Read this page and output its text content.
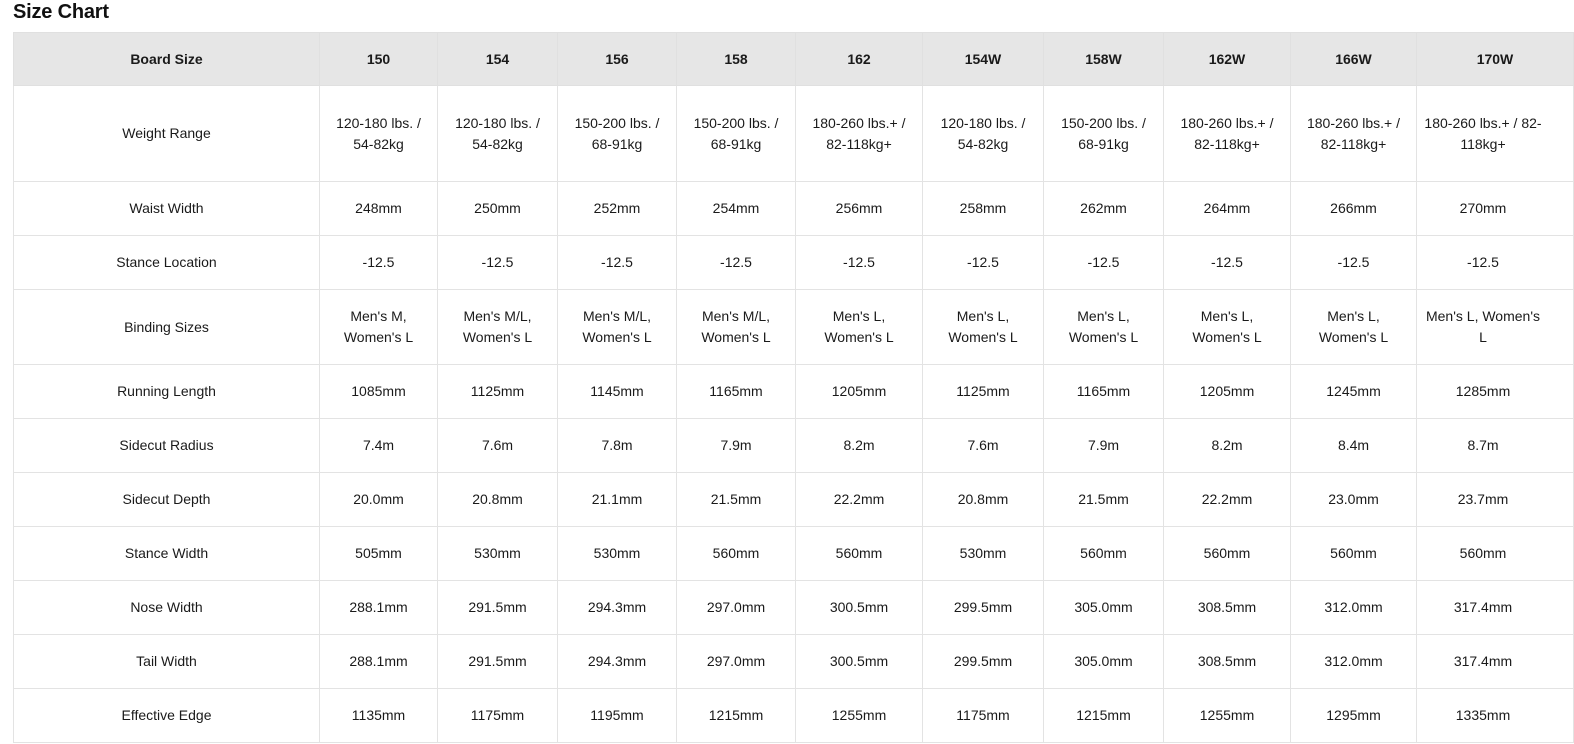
Size Chart
Board Size	150	154	156	158	162	154W	158W	162W	166W	170W
Weight Range	120-180 lbs. / 54-82kg	120-180 lbs. / 54-82kg	150-200 lbs. / 68-91kg	150-200 lbs. / 68-91kg	180-260 lbs.+ / 82-118kg+	120-180 lbs. / 54-82kg	150-200 lbs. / 68-91kg	180-260 lbs.+ / 82-118kg+	180-260 lbs.+ / 82-118kg+	180-260 lbs.+ / 82-118kg+
Waist Width	248mm	250mm	252mm	254mm	256mm	258mm	262mm	264mm	266mm	270mm
Stance Location	-12.5	-12.5	-12.5	-12.5	-12.5	-12.5	-12.5	-12.5	-12.5	-12.5
Binding Sizes	Men's M, Women's L	Men's M/L, Women's L	Men's M/L, Women's L	Men's M/L, Women's L	Men's L, Women's L	Men's L, Women's L	Men's L, Women's L	Men's L, Women's L	Men's L, Women's L	Men's L, Women's L
Running Length	1085mm	1125mm	1145mm	1165mm	1205mm	1125mm	1165mm	1205mm	1245mm	1285mm
Sidecut Radius	7.4m	7.6m	7.8m	7.9m	8.2m	7.6m	7.9m	8.2m	8.4m	8.7m
Sidecut Depth	20.0mm	20.8mm	21.1mm	21.5mm	22.2mm	20.8mm	21.5mm	22.2mm	23.0mm	23.7mm
Stance Width	505mm	530mm	530mm	560mm	560mm	530mm	560mm	560mm	560mm	560mm
Nose Width	288.1mm	291.5mm	294.3mm	297.0mm	300.5mm	299.5mm	305.0mm	308.5mm	312.0mm	317.4mm
Tail Width	288.1mm	291.5mm	294.3mm	297.0mm	300.5mm	299.5mm	305.0mm	308.5mm	312.0mm	317.4mm
Effective Edge	1135mm	1175mm	1195mm	1215mm	1255mm	1175mm	1215mm	1255mm	1295mm	1335mm
